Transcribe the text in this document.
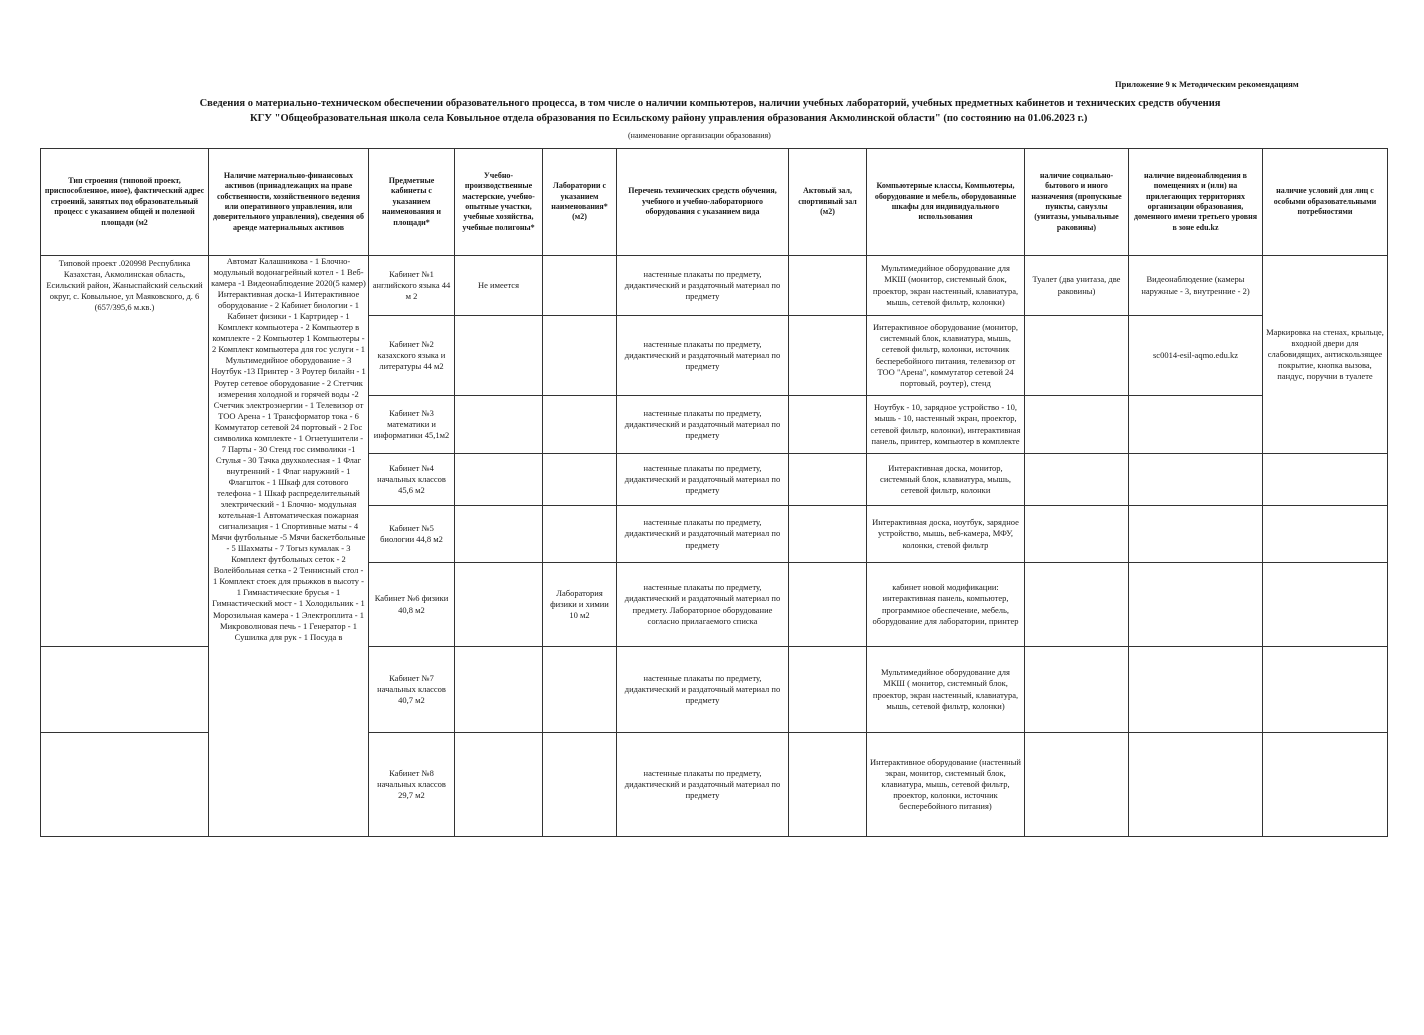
Приложение 9 к Методическим рекомендациям
Сведения о материально-техническом обеспечении образовательного процесса, в том числе о наличии компьютеров, наличии учебных лабораторий, учебных предметных кабинетов и технических средств обучения
КГУ "Общеобразовательная школа села Ковыльное отдела образования по Есильскому району управления образования Акмолинской области" (по состоянию на 01.06.2023 г.)
(наименование организации образования)
Тип строения (типовой проект, приспособленное, иное), фактический адрес строений, занятых под образовательный процесс с указанием общей и полезной площади (м2	Наличие материально-финансовых активов (принадлежащих на праве собственности, хозяйственного ведения или оперативного управления, или доверительного управления), сведения об аренде материальных активов	Предметные кабинеты с указанием наименования и площади*	Учебно-производственные мастерские, учебно-опытные участки, учебные хозяйства, учебные полигоны*	Лаборатории с указанием наименования* (м2)	Перечень технических средств обучения, учебного и учебно-лабораторного оборудования с указанием вида	Актовый зал, спортивный зал (м2)	Компьютерные классы, Компьютеры, оборудование и мебель, оборудованные шкафы для индивидуального использования	наличие социально-бытового и иного назначения (пропускные пункты, санузлы (унитазы, умывальные раковины)	наличие видеонаблюдения в помещениях и (или) на прилегающих территориях организации образования, доменного имени третьего уровня в зоне edu.kz	наличие условий для лиц с особыми образовательными потребностями
Типовой проект .020998 Республика Казахстан, Акмолинская область, Есильский район, Жаныспайский сельский округ, с. Ковыльное, ул Маяковского, д. 6 (657/395,6 м.кв.)	Автомат Калашникова - 1 Блочно-модульный водонагрейный котел - 1 Веб-камера -1 Видеонаблюдение 2020(5 камер) Интерактивная доска-1 Интерактивное оборудование - 2 Кабинет биологии - 1 Кабинет физики - 1 Картридер - 1 Комплект компьютера - 2 Компьютер в комплекте - 2 Компьютер 1 Компьютеры - 2 Комплект компьютера для гос услуги - 1 Мультимедийное оборудование - 3 Ноутбук -13 Принтер - 3 Роутер билайн - 1 Роутер сетевое оборудование - 2 Стетчик измерения холодной и горячей воды -2 Счетчик электроэнергии - 1 Телевизор от ТОО Арена - 1 Трансформатор тока - 6 Коммутатор сетевой 24 портовый - 2 Гос символика комплекте - 1 Огнетушители - 7 Парты - 30 Стенд гос символики -1 Стулья - 30 Тачка двухколесная - 1 Флаг внутренний - 1 Флаг наружний - 1 Флагшток - 1 Шкаф для сотового телефона - 1 Шкаф распределительный электрический - 1 Блочно- модульная котельная-1 Автоматическая пожарная сигнализация - 1 Спортивные маты - 4 Мячи футбольные -5 Мячи баскетбольные - 5 Шахматы - 7 Тогыз кумалак - 3 Комплект футбольных сеток - 2 Волейбольная сетка - 2 Теннисный стол - 1 Комплект стоек для прыжков в высоту - 1 Гимнастические брусья - 1 Гимнастический мост - 1 Холодильник - 1 Морозильная камера - 1 Электроплита - 1 Микроволновая печь - 1 Генератор - 1 Сушилка для рук - 1 Посуда в	Кабинет №1 английского языка 44 м 2	Не имеется		настенные плакаты по предмету, дидактический и раздаточный материал по предмету		Мультимедийное оборудование для МКШ (монитор, системный блок, проектор, экран настенный, клавиатура, мышь, сетевой фильтр, колонки)	Туалет (два унитаза, две раковины)	Видеонаблюдение (камеры наружные - 3, внутренние - 2)	Маркировка на стенах, крыльце, входной двери для слабовидящих, антискользящее покрытие, кнопка вызова, пандус, поручни в туалете
		Кабинет №2 казахского языка и литературы 44 м2			настенные плакаты по предмету, дидактический и раздаточный материал по предмету		Интерактивное оборудование (монитор, системный блок, клавиатура, мышь, сетевой фильтр, колонки, источник бесперебойного питания, телевизор от ТОО "Арена", коммутатор сетевой 24 портовый, роутер), стенд		sc0014-esil-aqmo.edu.kz	
		Кабинет №3 математики и информатики 45,1м2			настенные плакаты по предмету, дидактический и раздаточный материал по предмету		Ноутбук - 10, зарядное устройство - 10, мышь - 10, настенный экран, проектор, сетевой фильтр, колонки), интерактивная панель, принтер, компьютер в комплекте			
		Кабинет №4 начальных классов 45,6 м2			настенные плакаты по предмету, дидактический и раздаточный материал по предмету		Интерактивная доска, монитор, системный блок, клавиатура, мышь, сетевой фильтр, колонки			
		Кабинет №5 биологии 44,8 м2			настенные плакаты по предмету, дидактический и раздаточный материал по предмету		Интерактивная доска, ноутбук, зарядное устройство, мышь, веб-камера, МФУ, колонки, стевой фильтр			
		Кабинет №6 физики 40,8 м2		Лаборатория физики и химии 10 м2	настенные плакаты по предмету, дидактический и раздаточный материал по предмету. Лабораторное оборудование согласно прилагаемого списка		кабинет новой модификации: интерактивная панель, компьютер, программное обеспечение, мебель, оборудование для лаборатории, принтер			
		Кабинет №7 начальных классов 40,7 м2			настенные плакаты по предмету, дидактический и раздаточный материал по предмету		Мультимедийное оборудование для МКШ ( монитор, системный блок, проектор, экран настенный, клавиатура, мышь, сетевой фильтр, колонки)			
		Кабинет №8 начальных классов 29,7 м2			настенные плакаты по предмету, дидактический и раздаточный материал по предмету		Интерактивное оборудование (настенный экран, монитор, системный блок, клавиатура, мышь, сетевой фильтр, проектор, колонки, источник бесперебойного питания)			
